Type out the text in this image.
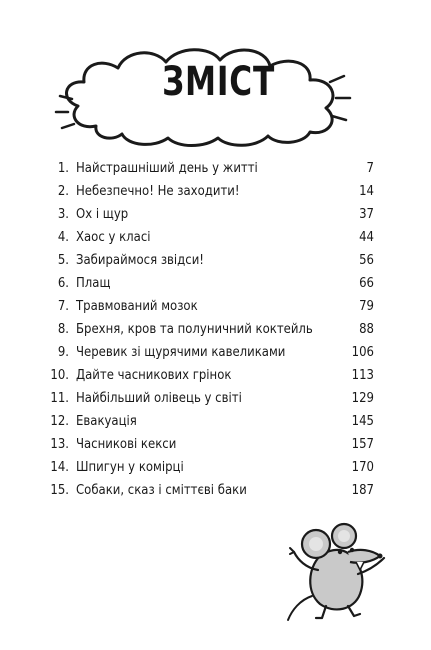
ЗМІСТ
1. Найстрашніший день у житті	7
2. Небезпечно! Не заходити!	14
3. Ох і щур	37
4. Хаос у класі	44
5. Забираймося звідси!	56
6. Плащ	66
7. Травмований мозок	79
8. Брехня, кров та полуничний коктейль	88
9. Черевик зі щурячими кавеликами	106
10. Дайте часникових грінок	113
11. Найбільший олівець у світі	129
12. Евакуація	145
13. Часникові кекси	157
14. Шпигун у комірці	170
15. Собаки, сказ і сміттєві баки	187
